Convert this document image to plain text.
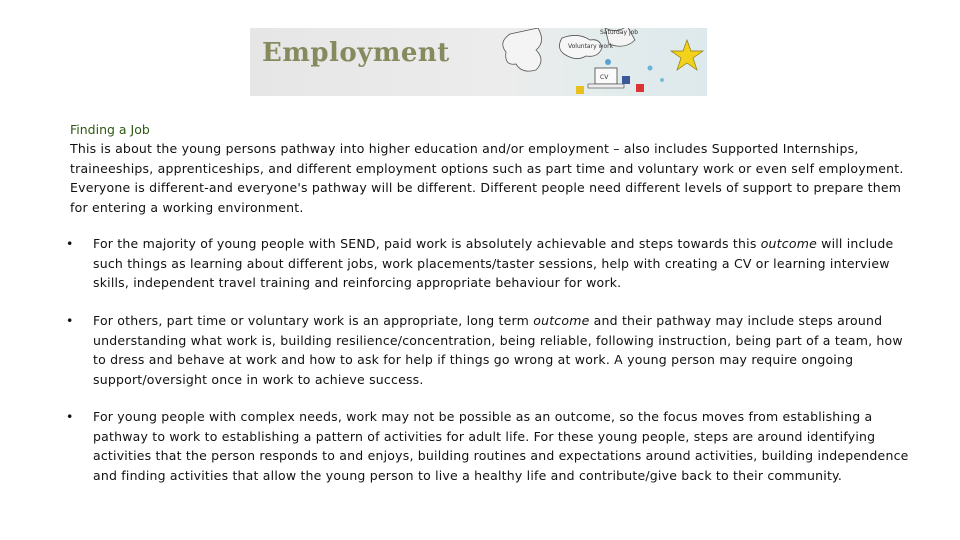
Employment
Saturday job
Voluntary work
CV
Finding a Job
This is about the young persons pathway into higher education and/or employment – also includes Supported Internships, traineeships, apprenticeships, and different employment options such as part time and voluntary work or even self employment. Everyone is different-and everyone's pathway will be different. Different people need different levels of support to prepare them for entering a working environment.
•	For the majority of young people with SEND, paid work is absolutely achievable and steps towards this outcome will include such things as learning about different jobs, work placements/taster sessions, help with creating a CV or learning interview skills, independent travel training and reinforcing appropriate behaviour for work.
•	For others, part time or voluntary work is an appropriate, long term outcome and their pathway may include steps around understanding what work is, building resilience/concentration, being reliable, following instruction, being part of a team, how to dress and behave at work and how to ask for help if things go wrong at work. A young person may require ongoing support/oversight once in work to achieve success.
•	For young people with complex needs, work may not be possible as an outcome, so the focus moves from establishing a pathway to work to establishing a pattern of activities for adult life. For these young people, steps are around identifying activities that the person responds to and enjoys, building routines and expectations around activities, building independence and finding activities that allow the young person to live a healthy life and contribute/give back to their community.
